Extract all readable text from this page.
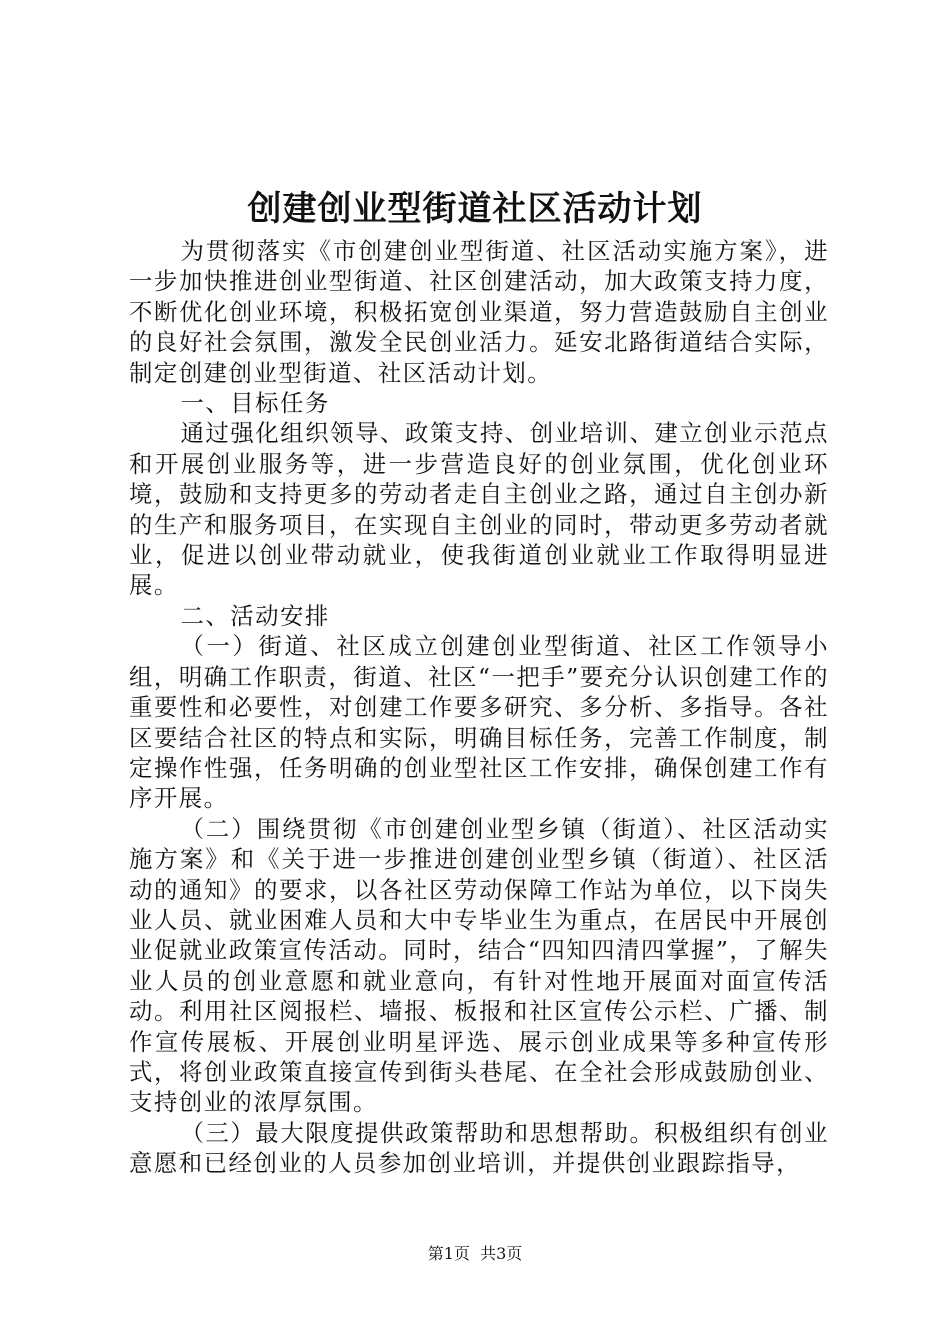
创建创业型街道社区活动计划

为贯彻落实《市创建创业型街道、社区活动实施方案》，进一步加快推进创业型街道、社区创建活动，加大政策支持力度，不断优化创业环境，积极拓宽创业渠道，努力营造鼓励自主创业的良好社会氛围，激发全民创业活力。延安北路街道结合实际，制定创建创业型街道、社区活动计划。

一、目标任务

通过强化组织领导、政策支持、创业培训、建立创业示范点和开展创业服务等，进一步营造良好的创业氛围，优化创业环境，鼓励和支持更多的劳动者走自主创业之路，通过自主创办新的生产和服务项目，在实现自主创业的同时，带动更多劳动者就业，促进以创业带动就业，使我街道创业就业工作取得明显进展。

二、活动安排

（一）街道、社区成立创建创业型街道、社区工作领导小组，明确工作职责，街道、社区“一把手”要充分认识创建工作的重要性和必要性，对创建工作要多研究、多分析、多指导。各社区要结合社区的特点和实际，明确目标任务，完善工作制度，制定操作性强，任务明确的创业型社区工作安排，确保创建工作有序开展。

（二）围绕贯彻《市创建创业型乡镇（街道）、社区活动实施方案》和《关于进一步推进创建创业型乡镇（街道）、社区活动的通知》的要求，以各社区劳动保障工作站为单位，以下岗失业人员、就业困难人员和大中专毕业生为重点，在居民中开展创业促就业政策宣传活动。同时，结合“四知四清四掌握”，了解失业人员的创业意愿和就业意向，有针对性地开展面对面宣传活动。利用社区阅报栏、墙报、板报和社区宣传公示栏、广播、制作宣传展板、开展创业明星评选、展示创业成果等多种宣传形式，将创业政策直接宣传到街头巷尾、在全社会形成鼓励创业、支持创业的浓厚氛围。

（三）最大限度提供政策帮助和思想帮助。积极组织有创业意愿和已经创业的人员参加创业培训，并提供创业跟踪指导，

第1页 共3页
